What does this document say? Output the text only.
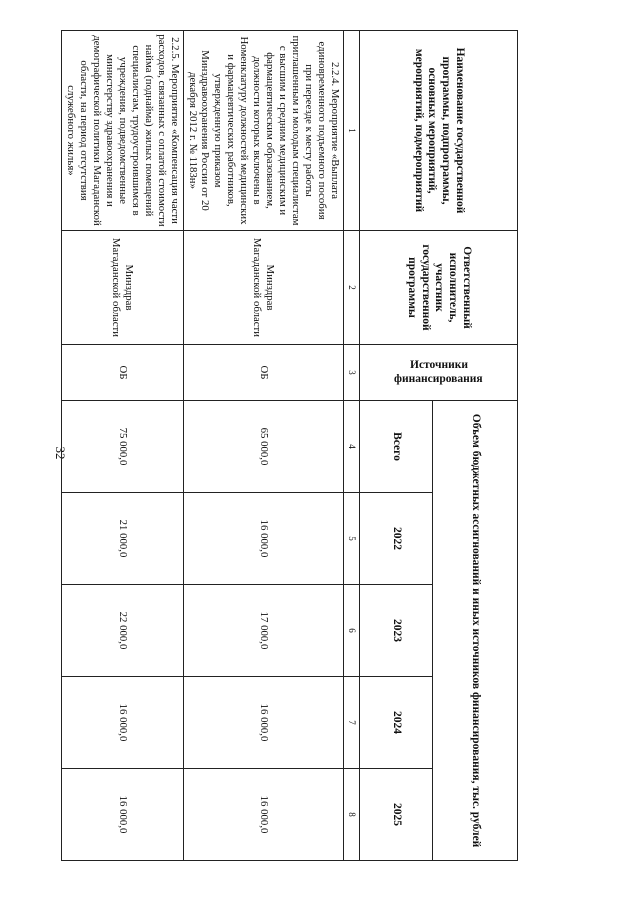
32
Наименование государственной программы, подпрограммы, основных мероприятий, мероприятий, подмероприятий	Ответственный исполнитель, участник государственной программы	Источники финансирования	Объем бюджетных ассигнований и иных источников финансирования, тыс. рублей				
			Всего	2022	2023	2024	2025
1	2	3	4	5	6	7	8
2.2.4. Мероприятие «Выплата единовременного подъемного пособия при переезде к месту работы приглашенным и молодым специалистам с высшим и средним медицинским и фармацевтическим образованием, должности которых включены в Номенклатуру должностей медицинских и фармацевтических работников, утвержденную приказом Минздравоохранения России от 20 декабря 2012 г. № 1183н»	Минздрав Магаданской области	ОБ	65 000,0	16 000,0	17 000,0	16 000,0	16 000,0
2.2.5. Мероприятие «Компенсация части расходов, связанных с оплатой стоимости найма (поднайма) жилых помещений специалистам, трудоустроившимся в учреждения, подведомственные министерству здравоохранения и демографической политики Магаданской области, на период отсутствия служебного жилья»	Минздрав Магаданской области	ОБ	75 000,0	21 000,0	22 000,0	16 000,0	16 000,0
